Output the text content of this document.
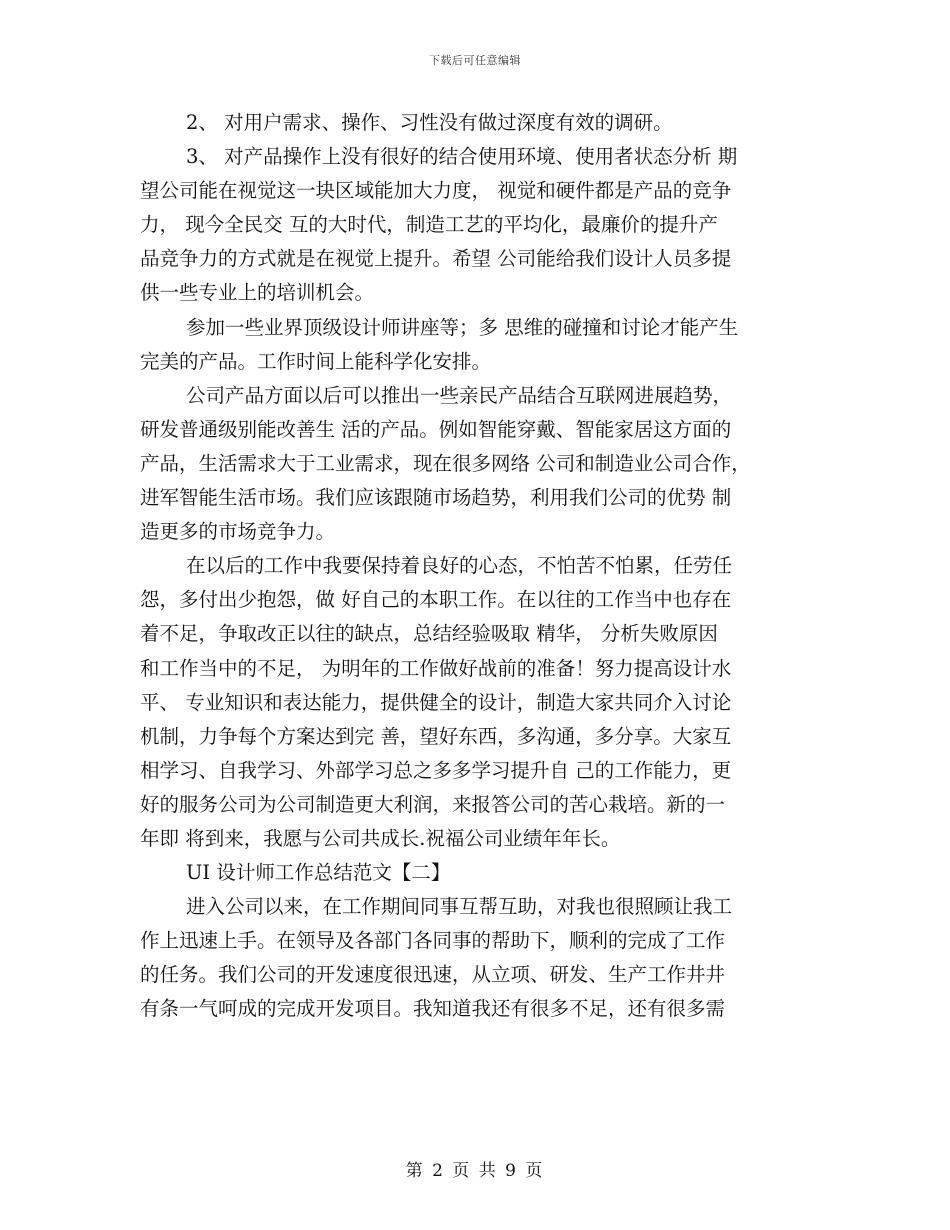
下载后可任意编辑

2、 对用户需求、操作、习性没有做过深度有效的调研。

3、 对产品操作上没有很好的结合使用环境、使用者状态分析 期
望公司能在视觉这一块区域能加大力度， 视觉和硬件都是产品的竞争
力， 现今全民交 互的大时代，制造工艺的平均化，最廉价的提升产
品竞争力的方式就是在视觉上提升。希望 公司能给我们设计人员多提
供一些专业上的培训机会。

参加一些业界顶级设计师讲座等；多 思维的碰撞和讨论才能产生
完美的产品。工作时间上能科学化安排。

公司产品方面以后可以推出一些亲民产品结合互联网进展趋势，
研发普通级别能改善生 活的产品。例如智能穿戴、智能家居这方面的
产品，生活需求大于工业需求，现在很多网络 公司和制造业公司合作，
进军智能生活市场。我们应该跟随市场趋势，利用我们公司的优势 制
造更多的市场竞争力。

在以后的工作中我要保持着良好的心态，不怕苦不怕累，任劳任
怨，多付出少抱怨，做 好自己的本职工作。在以往的工作当中也存在
着不足，争取改正以往的缺点，总结经验吸取 精华， 分析失败原因
和工作当中的不足， 为明年的工作做好战前的准备！努力提高设计水
平、 专业知识和表达能力，提供健全的设计，制造大家共同介入讨论
机制，力争每个方案达到完 善，望好东西，多沟通，多分享。大家互
相学习、自我学习、外部学习总之多多学习提升自 己的工作能力，更
好的服务公司为公司制造更大利润，来报答公司的苦心栽培。新的一
年即 将到来，我愿与公司共成长.祝福公司业绩年年长。

UI 设计师工作总结范文【二】

进入公司以来，在工作期间同事互帮互助，对我也很照顾让我工
作上迅速上手。在领导及各部门各同事的帮助下，顺利的完成了工作
的任务。我们公司的开发速度很迅速，从立项、研发、生产工作井井
有条一气呵成的完成开发项目。我知道我还有很多不足，还有很多需

第 2 页 共 9 页
